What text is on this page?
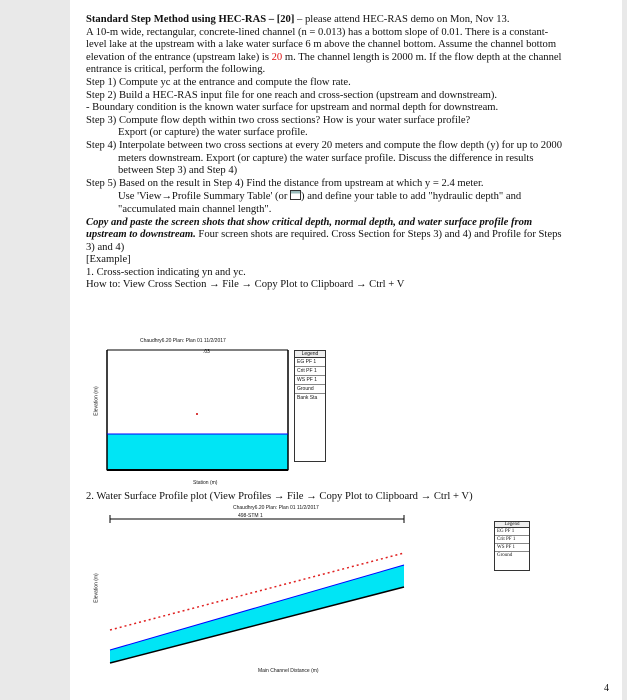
Standard Step Method using HEC-RAS – [20] – please attend HEC-RAS demo on Mon, Nov 13.

A 10-m wide, rectangular, concrete-lined channel (n = 0.013) has a bottom slope of 0.01. There is a constant-level lake at the upstream with a lake water surface 6 m above the channel bottom. Assume the channel bottom elevation of the entrance (upstream lake) is 20 m. The channel length is 2000 m. If the flow depth at the channel entrance is critical, perform the following.

Step 1) Compute yc at the entrance and compute the flow rate.

Step 2) Build a HEC-RAS input file for one reach and cross-section (upstream and downstream).

- Boundary condition is the known water surface for upstream and normal depth for downstream.

Step 3) Compute flow depth within two cross sections? How is your water surface profile?

Export (or capture) the water surface profile.

Step 4) Interpolate between two cross sections at every 20 meters and compute the flow depth (y) for up to 2000 meters downstream. Export (or capture) the water surface profile. Discuss the difference in results between Step 3) and Step 4)

Step 5) Based on the result in Step 4) Find the distance from upstream at which y = 2.4 meter.

Use 'View→Profile Summary Table' (or ) and define your table to add "hydraulic depth" and "accumulated main channel length".

Copy and paste the screen shots that show critical depth, normal depth, and water surface profile from upstream to downstream. Four screen shots are required. Cross Section for Steps 3) and 4) and Profile for Steps 3) and 4)

[Example]

1. Cross-section indicating yn and yc.

How to: View Cross Section → File → Copy Plot to Clipboard → Ctrl + V

Chaudhry6.20 Plan: Plan 01 11/2/2017
Elevation (m)
Station (m)
.03	Legend
EG PF 1
Crit PF 1
WS PF 1
Ground
Bank Sta
2. Water Surface Profile plot (View Profiles → File → Copy Plot to Clipboard → Ctrl + V)
Chaudhry6.20 Plan: Plan 01 11/2/2017
498-STM 1
Elevation (m)
Main Channel Distance (m)
Legend
EG PF 1
Crit PF 1
WS PF 1
Ground
4
